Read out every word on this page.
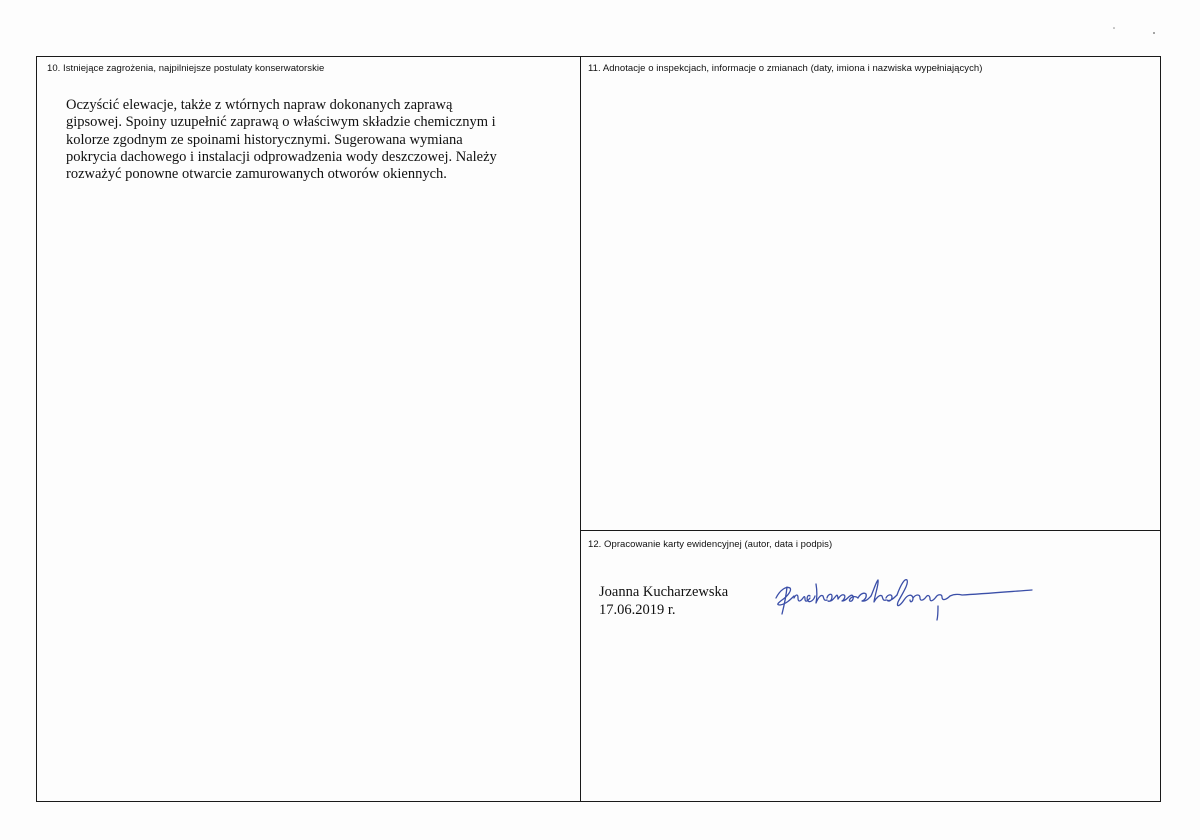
10. Istniejące zagrożenia, najpilniejsze postulaty konserwatorskie	11. Adnotacje o inspekcjach, informacje o zmianach (daty, imiona i nazwiska wypełniających)
12. Opracowanie karty ewidencyjnej (autor, data i podpis)
Oczyścić elewacje, także z wtórnych napraw dokonanych zaprawą
gipsowej. Spoiny uzupełnić zaprawą o właściwym składzie chemicznym i
kolorze zgodnym ze spoinami historycznymi. Sugerowana wymiana
pokrycia dachowego i instalacji odprowadzenia wody deszczowej. Należy
rozważyć ponowne otwarcie zamurowanych otworów okiennych.
Joanna Kucharzewska
17.06.2019 r.
